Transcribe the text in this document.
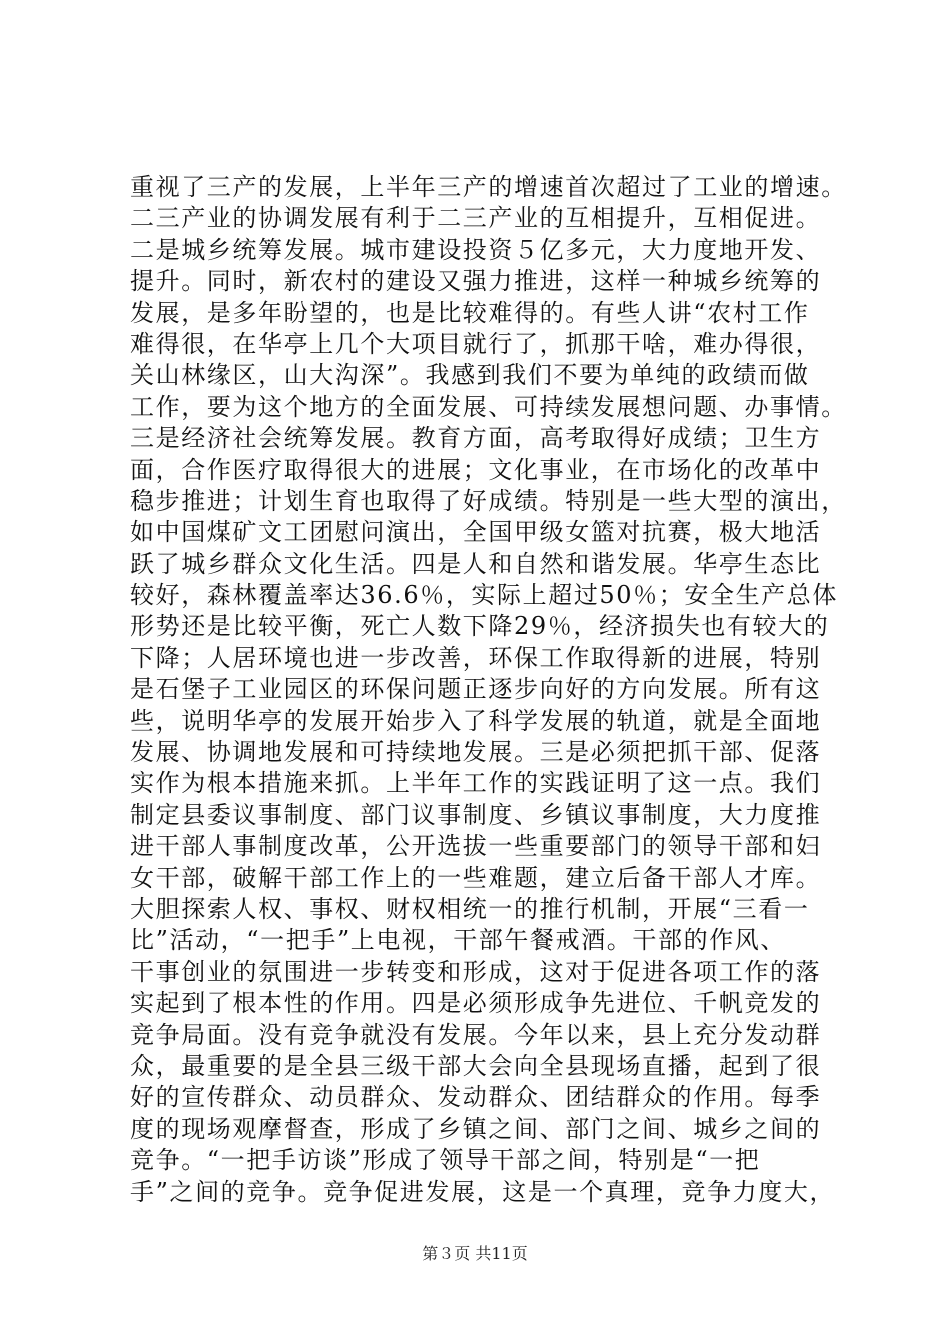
重视了三产的发展，上半年三产的增速首次超过了工业的增速。
二三产业的协调发展有利于二三产业的互相提升，互相促进。
二是城乡统筹发展。城市建设投资５亿多元，大力度地开发、
提升。同时，新农村的建设又强力推进，这样一种城乡统筹的
发展，是多年盼望的，也是比较难得的。有些人讲“农村工作
难得很，在华亭上几个大项目就行了，抓那干啥，难办得很，
关山林缘区，山大沟深”。我感到我们不要为单纯的政绩而做
工作，要为这个地方的全面发展、可持续发展想问题、办事情。
三是经济社会统筹发展。教育方面，高考取得好成绩；卫生方
面，合作医疗取得很大的进展；文化事业，在市场化的改革中
稳步推进；计划生育也取得了好成绩。特别是一些大型的演出，
如中国煤矿文工团慰问演出，全国甲级女篮对抗赛，极大地活
跃了城乡群众文化生活。四是人和自然和谐发展。华亭生态比
较好，森林覆盖率达36.6％，实际上超过50％；安全生产总体
形势还是比较平衡，死亡人数下降29％，经济损失也有较大的
下降；人居环境也进一步改善，环保工作取得新的进展，特别
是石堡子工业园区的环保问题正逐步向好的方向发展。所有这
些，说明华亭的发展开始步入了科学发展的轨道，就是全面地
发展、协调地发展和可持续地发展。三是必须把抓干部、促落
实作为根本措施来抓。上半年工作的实践证明了这一点。我们
制定县委议事制度、部门议事制度、乡镇议事制度，大力度推
进干部人事制度改革，公开选拔一些重要部门的领导干部和妇
女干部，破解干部工作上的一些难题，建立后备干部人才库。
大胆探索人权、事权、财权相统一的推行机制，开展“三看一
比”活动，“一把手”上电视，干部午餐戒酒。干部的作风、
干事创业的氛围进一步转变和形成，这对于促进各项工作的落
实起到了根本性的作用。四是必须形成争先进位、千帆竞发的
竞争局面。没有竞争就没有发展。今年以来，县上充分发动群
众，最重要的是全县三级干部大会向全县现场直播，起到了很
好的宣传群众、动员群众、发动群众、团结群众的作用。每季
度的现场观摩督查，形成了乡镇之间、部门之间、城乡之间的
竞争。“一把手访谈”形成了领导干部之间，特别是“一把
手”之间的竞争。竞争促进发展，这是一个真理，竞争力度大，
第３页 共11页
